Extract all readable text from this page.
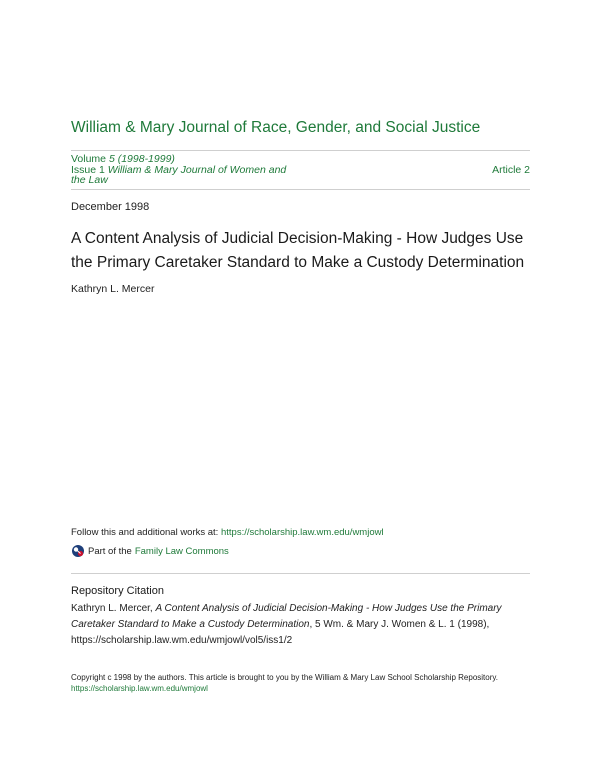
William & Mary Journal of Race, Gender, and Social Justice
Volume 5 (1998-1999)
Issue 1 William & Mary Journal of Women and
the Law
Article 2
December 1998
A Content Analysis of Judicial Decision-Making - How Judges Use the Primary Caretaker Standard to Make a Custody Determination
Kathryn L. Mercer
Follow this and additional works at: https://scholarship.law.wm.edu/wmjowl
Part of the Family Law Commons
Repository Citation
Kathryn L. Mercer, A Content Analysis of Judicial Decision-Making - How Judges Use the Primary Caretaker Standard to Make a Custody Determination, 5 Wm. & Mary J. Women & L. 1 (1998), https://scholarship.law.wm.edu/wmjowl/vol5/iss1/2
Copyright c 1998 by the authors. This article is brought to you by the William & Mary Law School Scholarship Repository.
https://scholarship.law.wm.edu/wmjowl
